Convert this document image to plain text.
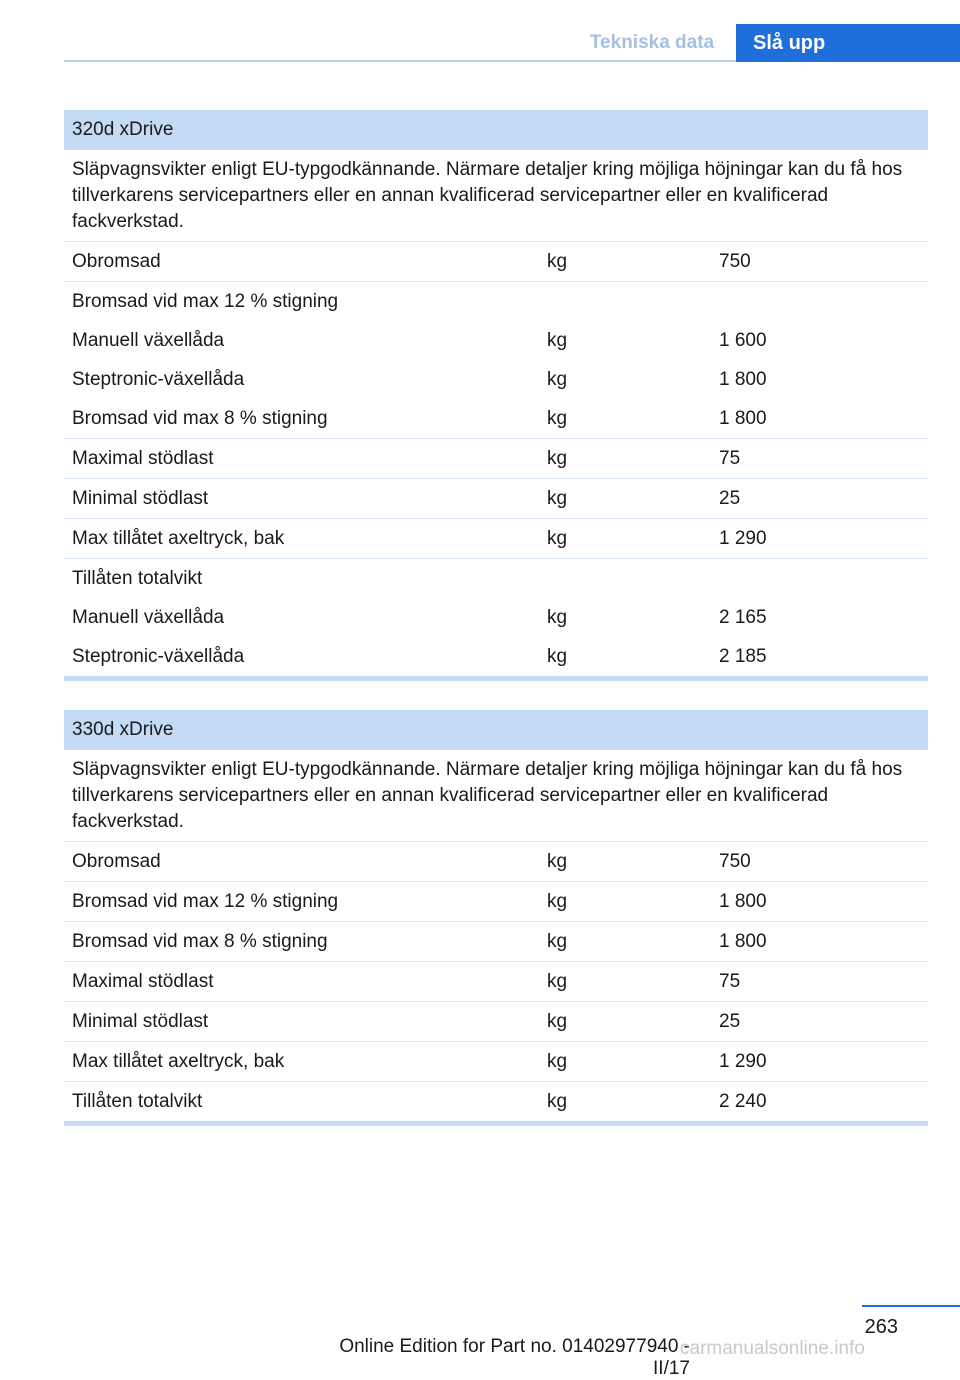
Tekniska data	Slå upp
320d xDrive
Släpvagnsvikter enligt EU-typgodkännande. Närmare detaljer kring möjliga höjningar kan du få hos tillverkarens servicepartners eller en annan kvalificerad servicepartner eller en kvalificerad fackverkstad.
Obromsad	kg	750
Bromsad vid max 12 % stigning
Manuell växellåda	kg	1 600
Steptronic-växellåda	kg	1 800
Bromsad vid max 8 % stigning	kg	1 800
Maximal stödlast	kg	75
Minimal stödlast	kg	25
Max tillåtet axeltryck, bak	kg	1 290
Tillåten totalvikt
Manuell växellåda	kg	2 165
Steptronic-växellåda	kg	2 185
330d xDrive
Släpvagnsvikter enligt EU-typgodkännande. Närmare detaljer kring möjliga höjningar kan du få hos tillverkarens servicepartners eller en annan kvalificerad servicepartner eller en kvalificerad fackverkstad.
Obromsad	kg	750
Bromsad vid max 12 % stigning	kg	1 800
Bromsad vid max 8 % stigning	kg	1 800
Maximal stödlast	kg	75
Minimal stödlast	kg	25
Max tillåtet axeltryck, bak	kg	1 290
Tillåten totalvikt	kg	2 240
263
Online Edition for Part no. 01402977940 - II/17
carmanualsonline.info
